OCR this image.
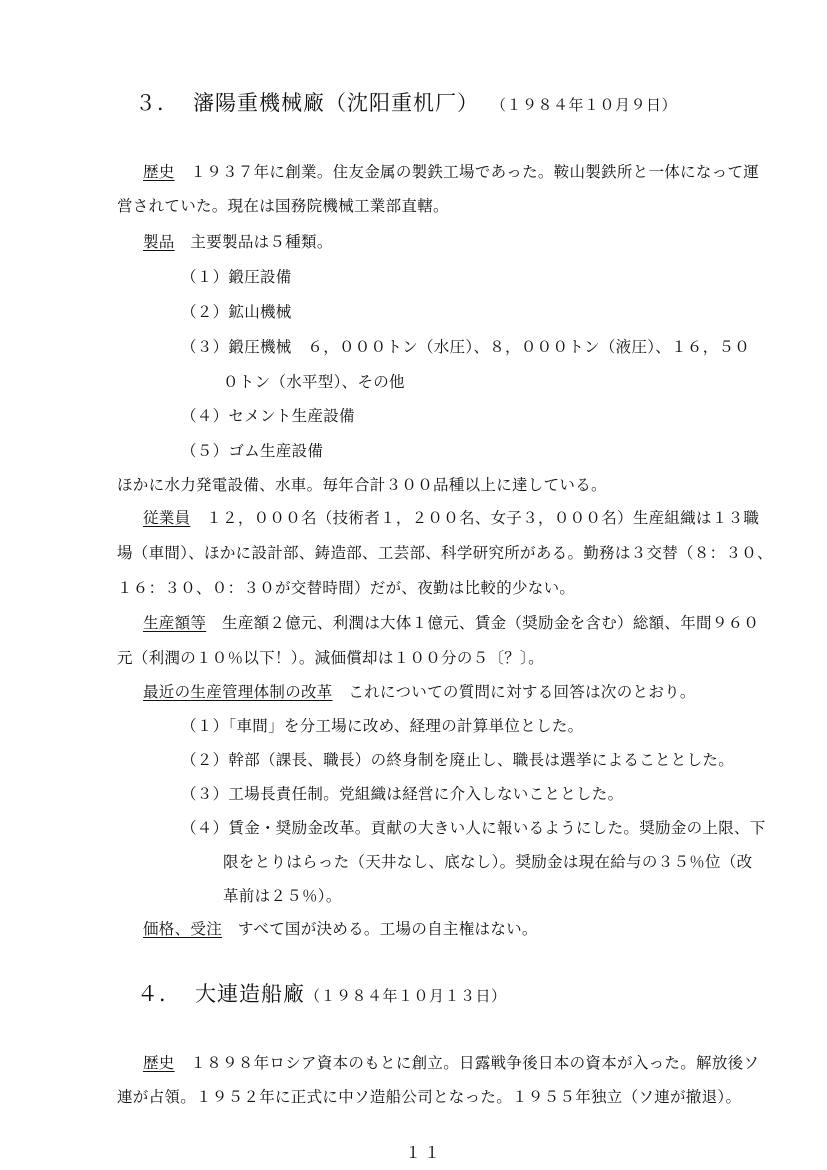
３． 瀋陽重機械廠（沈阳重机厂） （１９８４年１０月９日）
歴史　 １９３７年に創業。住友金属の製鉄工場であった。鞍山製鉄所と一体になって運
営されていた。現在は国務院機械工業部直轄。
製品　 主要製品は５種類。
（１）鍛圧設備
（２）鉱山機械
（３）鍛圧機械　６，０００トン（水圧）、８，０００トン（液圧）、１６，５０
０トン（水平型）、その他
（４）セメント生産設備
（５）ゴム生産設備
ほかに水力発電設備、水車。毎年合計３００品種以上に達している。
従業員　 １２，０００名（技術者１，２００名、女子３，０００名）生産組織は１３職
場（車間）、ほかに設計部、鋳造部、工芸部、科学研究所がある。勤務は３交替（８：３０、
１６：３０、０：３０が交替時間）だが、夜勤は比較的少ない。
生産額等　 生産額２億元、利潤は大体１億元、賃金（奨励金を含む）総額、年間９６０
元（利潤の１０％以下！）。減価償却は１００分の５〔？〕。
最近の生産管理体制の改革　 これについての質問に対する回答は次のとおり。
（１）「車間」を分工場に改め、経理の計算単位とした。
（２）幹部（課長、職長）の終身制を廃止し、職長は選挙によることとした。
（３）工場長責任制。党組織は経営に介入しないこととした。
（４）賃金・奨励金改革。貢献の大きい人に報いるようにした。奨励金の上限、下
限をとりはらった（天井なし、底なし）。奨励金は現在給与の３５％位（改
革前は２５％）。
価格、受注　 すべて国が決める。工場の自主権はない。
４． 大連造船廠（１９８４年１０月１３日）
歴史　 １８９８年ロシア資本のもとに創立。日露戦争後日本の資本が入った。解放後ソ
連が占領。１９５２年に正式に中ソ造船公司となった。１９５５年独立（ソ連が撤退）。
１１
